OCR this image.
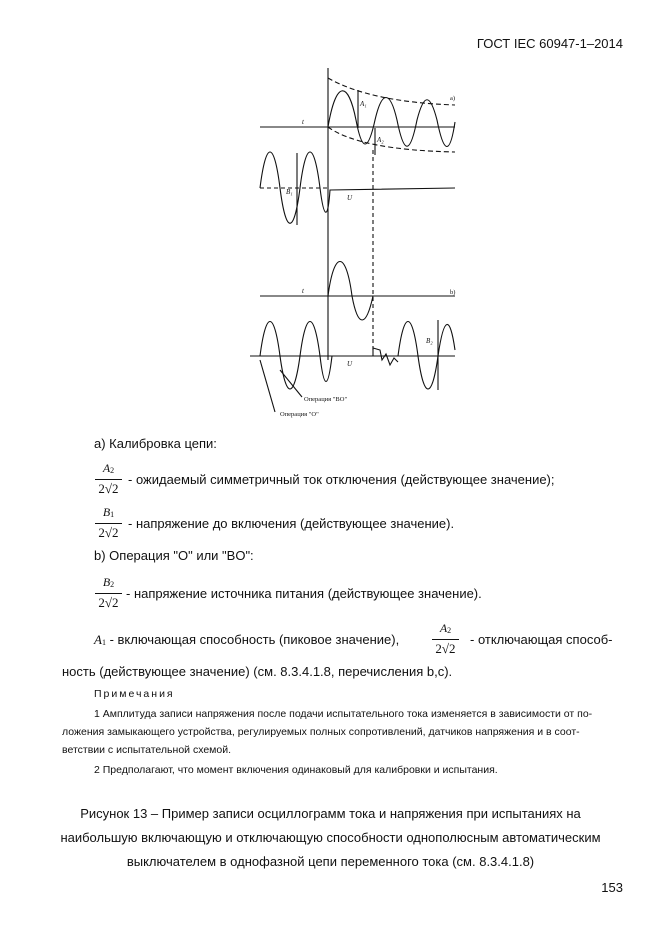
ГОСТ IEC 60947-1–2014
t
U
t
U
A₁
A₂
B₁
B₂
a)
b)
Операция "BO"
Операция "O"
a) Калибровка цепи:
A2
2√2
- ожидаемый симметричный ток отключения (действующее значение);
B1
2√2
- напряжение до включения (действующее значение).
b) Операция "O" или "BO":
B2
2√2
- напряжение источника питания (действующее значение).
A1 - включающая способность (пиковое значение),
A2
2√2
- отключающая способ-
ность (действующее значение) (см. 8.3.4.1.8, перечисления b,c).
Примечания
1 Амплитуда записи напряжения после подачи испытательного тока изменяется в зависимости от по-
ложения замыкающего устройства, регулируемых полных сопротивлений, датчиков напряжения и в соот-
ветствии с испытательной схемой.
2 Предполагают, что момент включения одинаковый для калибровки и испытания.
Рисунок 13 – Пример записи осциллограмм тока и напряжения при испытаниях на
наибольшую включающую и отключающую способности однополюсным автоматическим
выключателем в однофазной цепи переменного тока (см. 8.3.4.1.8)
153
